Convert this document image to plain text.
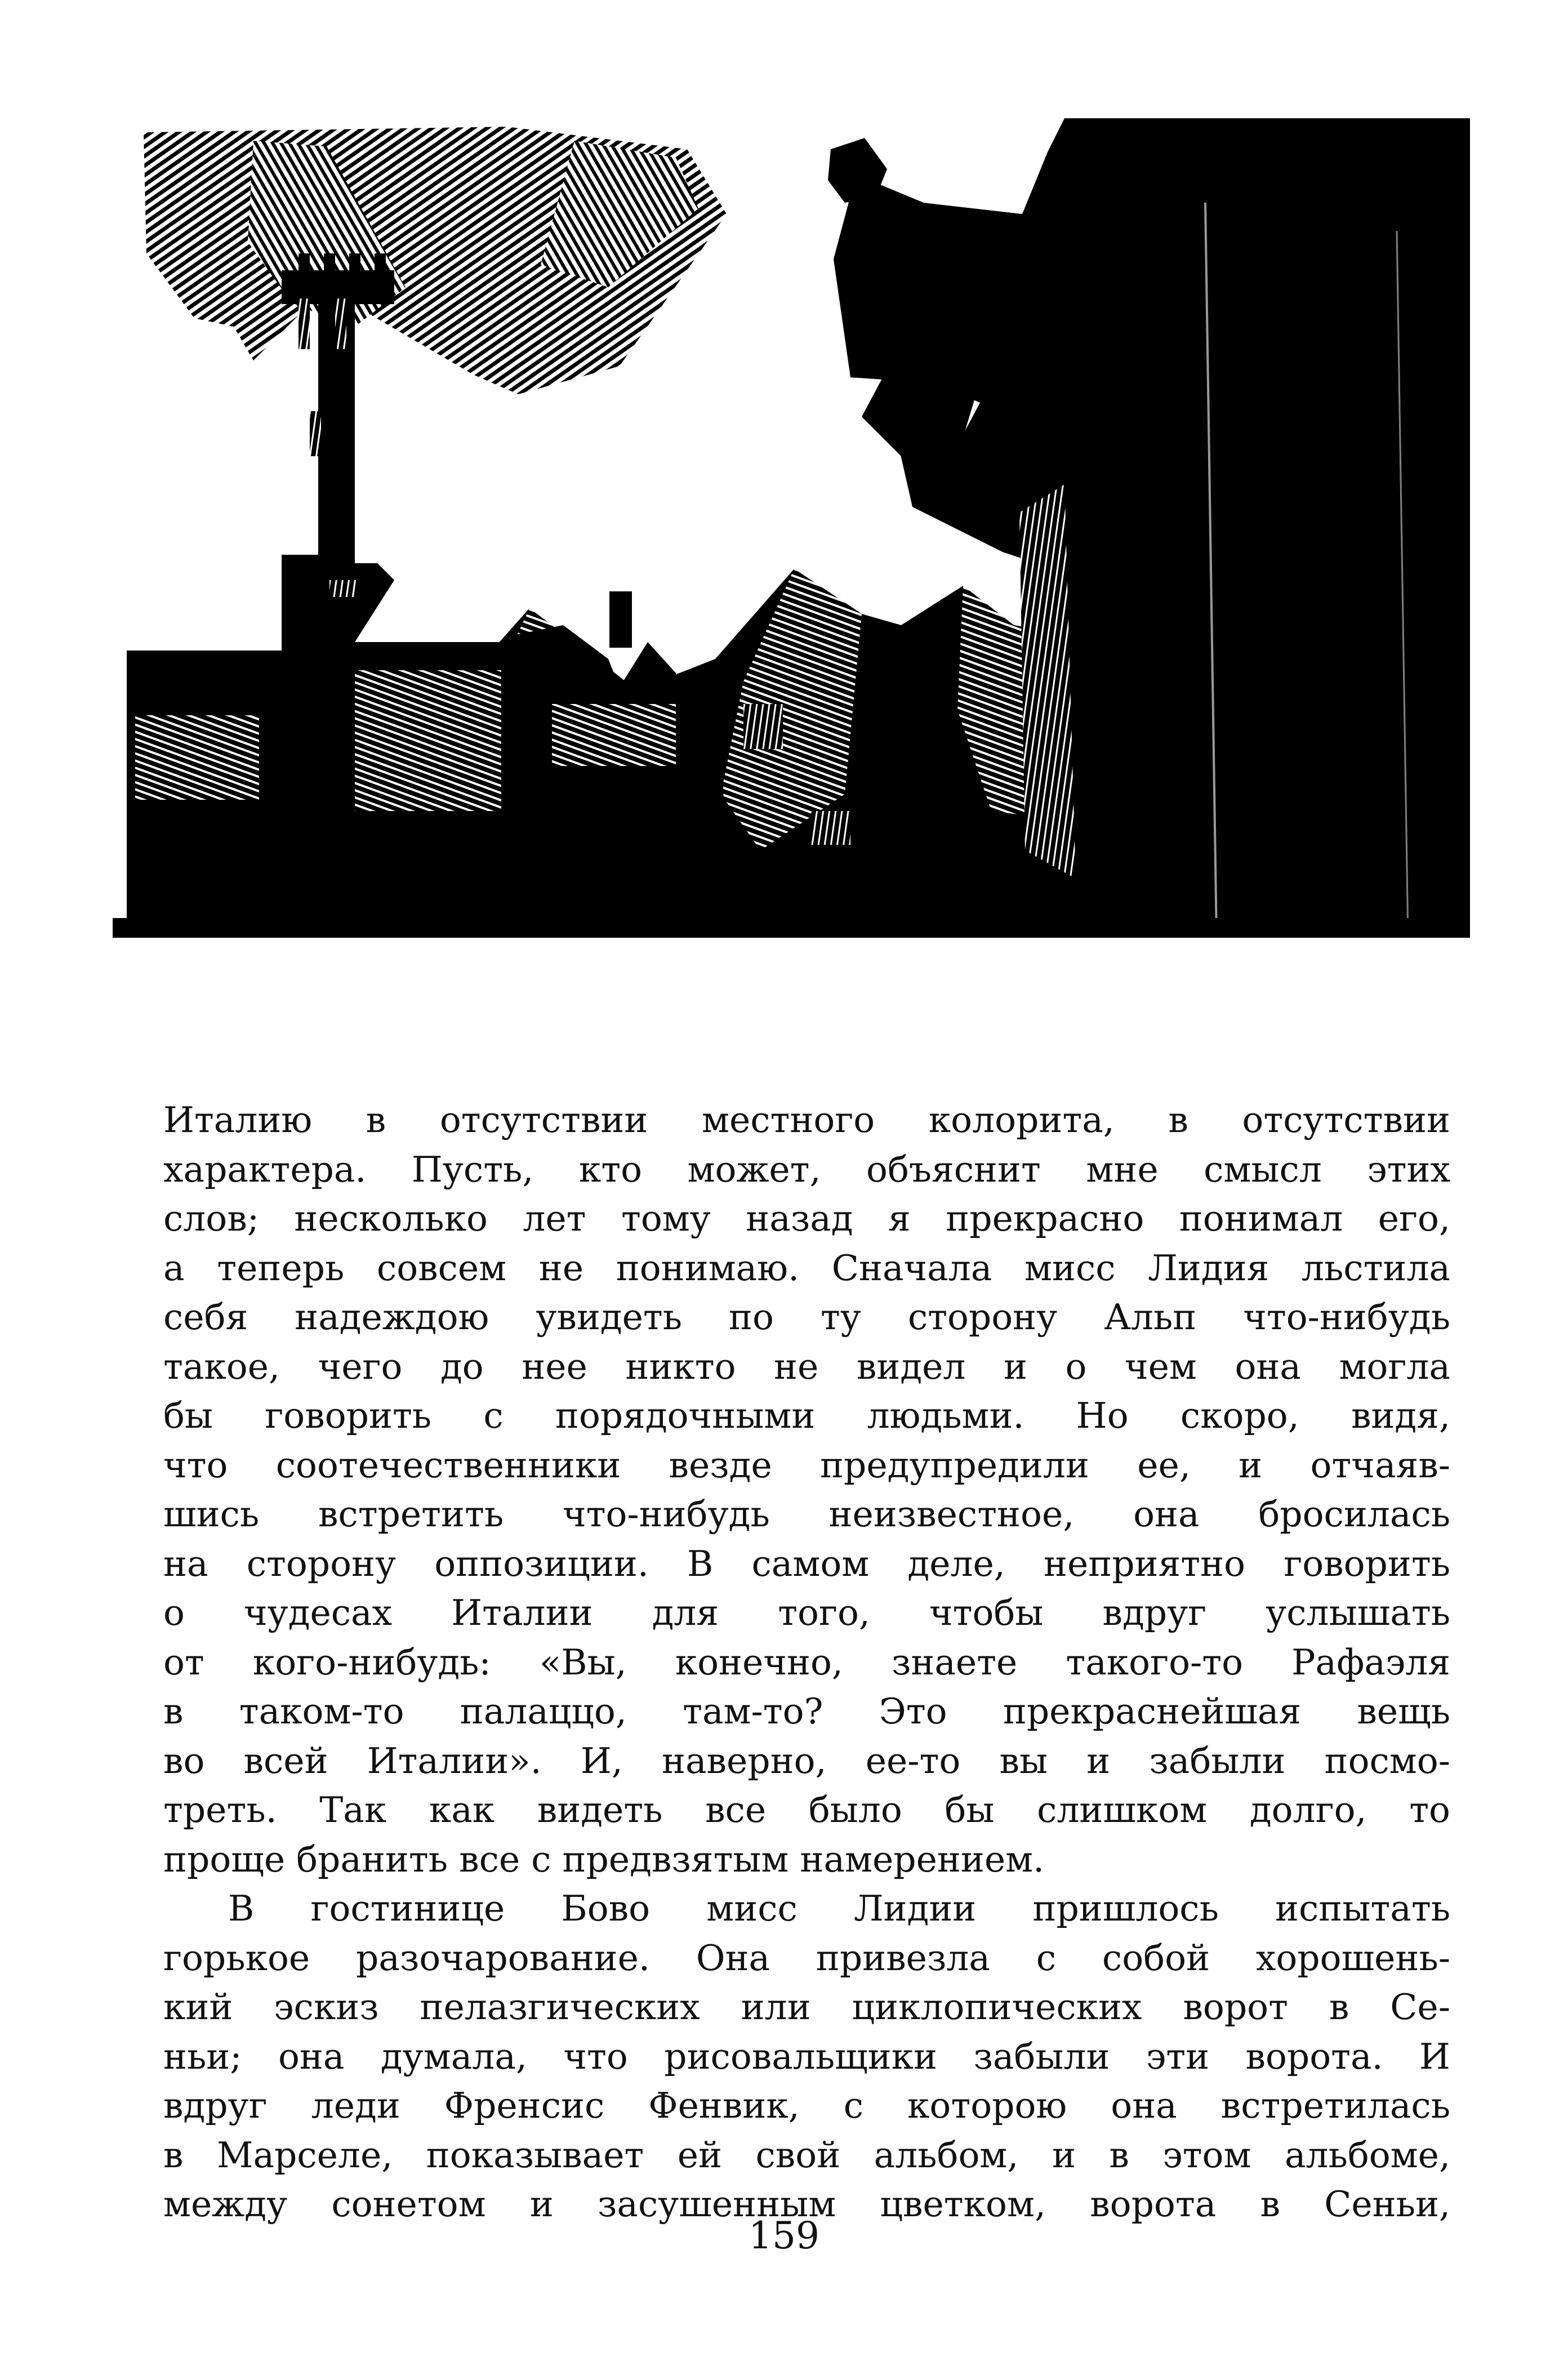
Италию в отсутствии местного колорита, в отсутствии
характера. Пусть, кто может, объяснит мне смысл этих
слов; несколько лет тому назад я прекрасно понимал его,
а теперь совсем не понимаю. Сначала мисс Лидия льстила
себя надеждою увидеть по ту сторону Альп что-нибудь
такое, чего до нее никто не видел и о чем она могла
бы говорить с порядочными людьми. Но скоро, видя,
что соотечественники везде предупредили ее, и отчаяв-
шись встретить что-нибудь неизвестное, она бросилась
на сторону оппозиции. В самом деле, неприятно говорить
о чудесах Италии для того, чтобы вдруг услышать
от кого-нибудь: «Вы, конечно, знаете такого-то Рафаэля
в таком-то палаццо, там-то? Это прекраснейшая вещь
во всей Италии». И, наверно, ее-то вы и забыли посмо-
треть. Так как видеть все было бы слишком долго, то
проще бранить все с предвзятым намерением.
В гостинице Бово мисс Лидии пришлось испытать
горькое разочарование. Она привезла с собой хорошень-
кий эскиз пелазгических или циклопических ворот в Се-
ньи; она думала, что рисовальщики забыли эти ворота. И
вдруг леди Френсис Фенвик, с которою она встретилась
в Марселе, показывает ей свой альбом, и в этом альбоме,
между сонетом и засушенным цветком, ворота в Сеньи,
159
